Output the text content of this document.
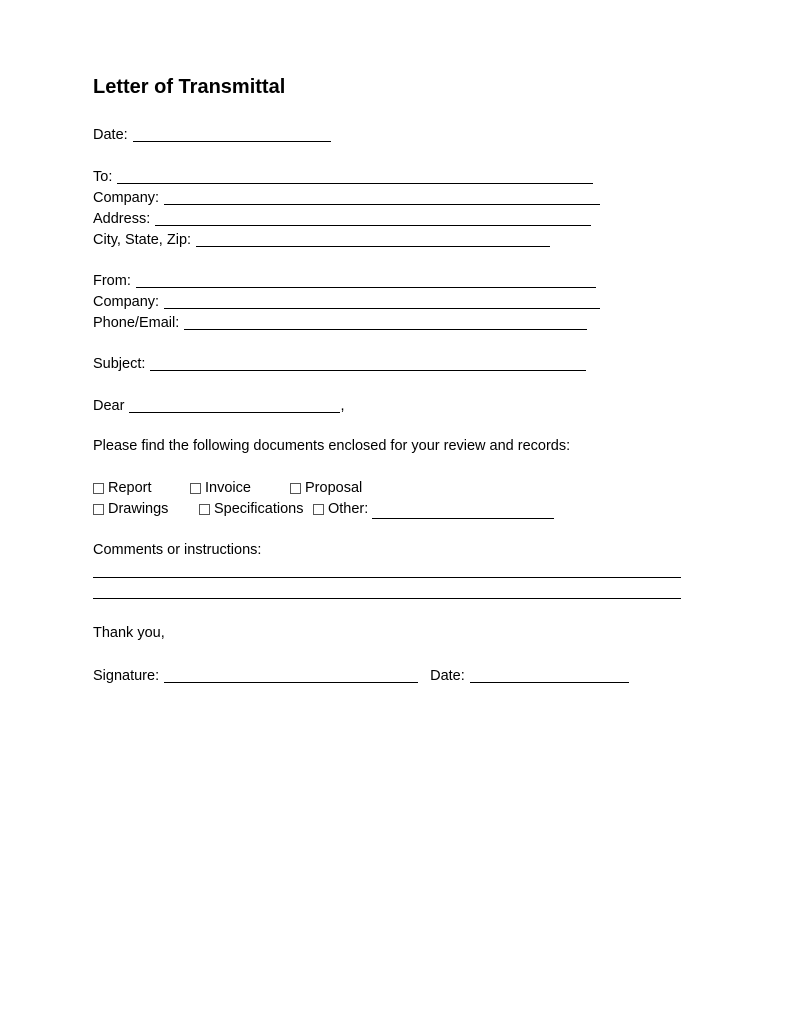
Letter of Transmittal
Date:
To:
Company:
Address:
City, State, Zip:
From:
Company:
Phone/Email:
Subject:
Dear	,
Please find the following documents enclosed for your review and records:
Report	Invoice	Proposal
Drawings	Specifications Other:
Comments or instructions:
Thank you,
Signature:	Date:
